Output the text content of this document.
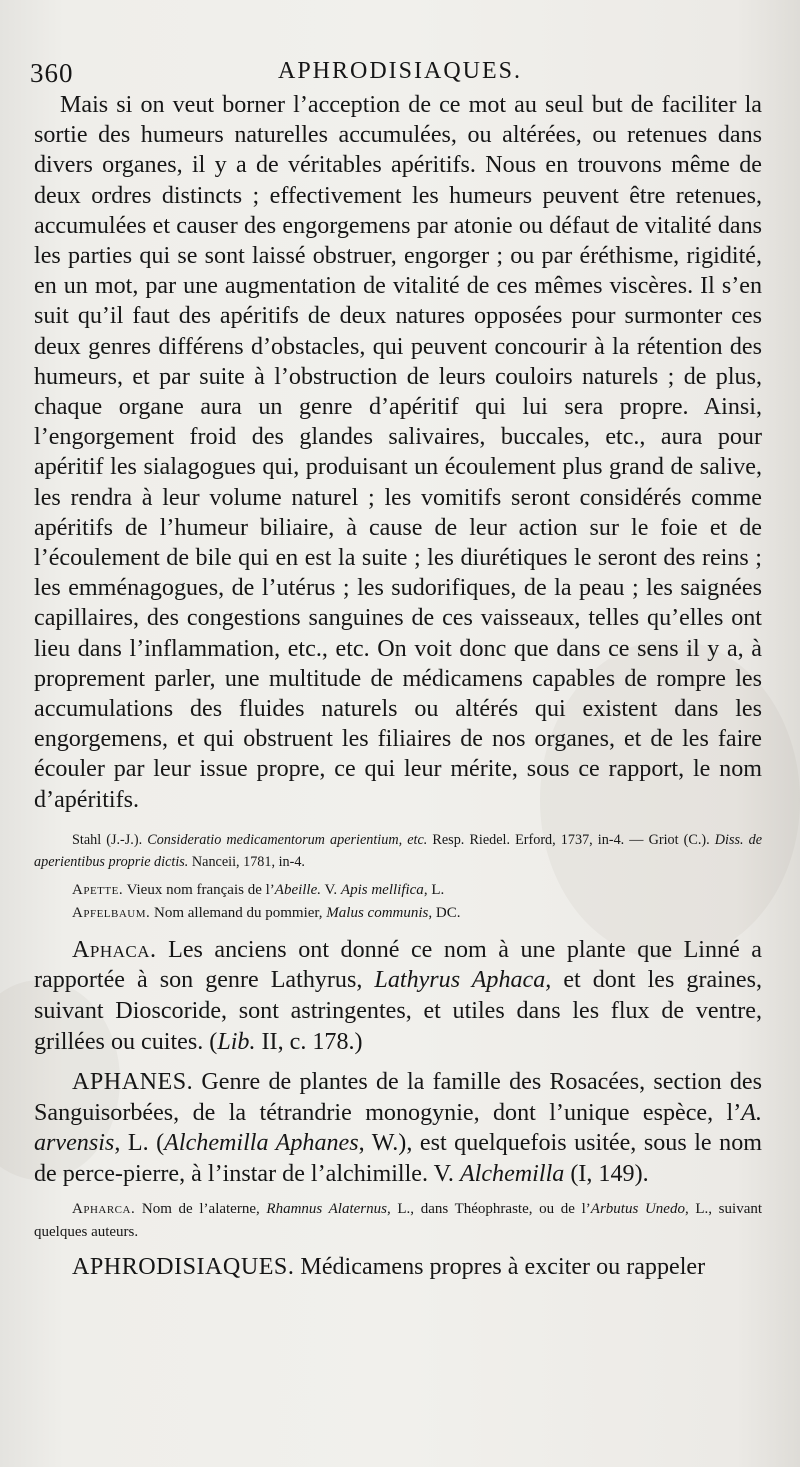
360	APHRODISIAQUES.

Mais si on veut borner l’acception de ce mot au seul but de faciliter la sortie des humeurs naturelles accumulées, ou altérées, ou retenues dans divers organes, il y a de véritables apéritifs. Nous en trouvons même de deux ordres distincts ; effectivement les humeurs peuvent être retenues, accumulées et causer des engorgemens par atonie ou défaut de vitalité dans les parties qui se sont laissé obstruer, engorger ; ou par éréthisme, rigidité, en un mot, par une augmentation de vitalité de ces mêmes viscères. Il s’en suit qu’il faut des apéritifs de deux natures opposées pour surmonter ces deux genres différens d’obstacles, qui peuvent concourir à la rétention des humeurs, et par suite à l’obstruction de leurs couloirs naturels ; de plus, chaque organe aura un genre d’apéritif qui lui sera propre. Ainsi, l’engorgement froid des glandes salivaires, buccales, etc., aura pour apéritif les sialagogues qui, produisant un écoulement plus grand de salive, les rendra à leur volume naturel ; les vomitifs seront considérés comme apéritifs de l’humeur biliaire, à cause de leur action sur le foie et de l’écoulement de bile qui en est la suite ; les diurétiques le seront des reins ; les emménagogues, de l’utérus ; les sudorifiques, de la peau ; les saignées capillaires, des congestions sanguines de ces vaisseaux, telles qu’elles ont lieu dans l’inflammation, etc., etc. On voit donc que dans ce sens il y a, à proprement parler, une multitude de médicamens capables de rompre les accumulations des fluides naturels ou altérés qui existent dans les engorgemens, et qui obstruent les filiaires de nos organes, et de les faire écouler par leur issue propre, ce qui leur mérite, sous ce rapport, le nom d’apéritifs.

Stahl (J.-J.). Consideratio medicamentorum aperientium, etc. Resp. Riedel. Erford, 1737, in-4. — Griot (C.). Diss. de aperientibus proprie dictis. Nanceii, 1781, in-4.

Apette. Vieux nom français de l’Abeille. V. Apis mellifica, L.

Apfelbaum. Nom allemand du pommier, Malus communis, DC.

Aphaca. Les anciens ont donné ce nom à une plante que Linné a rapportée à son genre Lathyrus, Lathyrus Aphaca, et dont les graines, suivant Dioscoride, sont astringentes, et utiles dans les flux de ventre, grillées ou cuites. (Lib. II, c. 178.)

APHANES. Genre de plantes de la famille des Rosacées, section des Sanguisorbées, de la tétrandrie monogynie, dont l’unique espèce, l’A. arvensis, L. (Alchemilla Aphanes, W.), est quelquefois usitée, sous le nom de perce-pierre, à l’instar de l’alchimille. V. Alchemilla (I, 149).

Apharca. Nom de l’alaterne, Rhamnus Alaternus, L., dans Théophraste, ou de l’Arbutus Unedo, L., suivant quelques auteurs.

APHRODISIAQUES. Médicamens propres à exciter ou rappeler
